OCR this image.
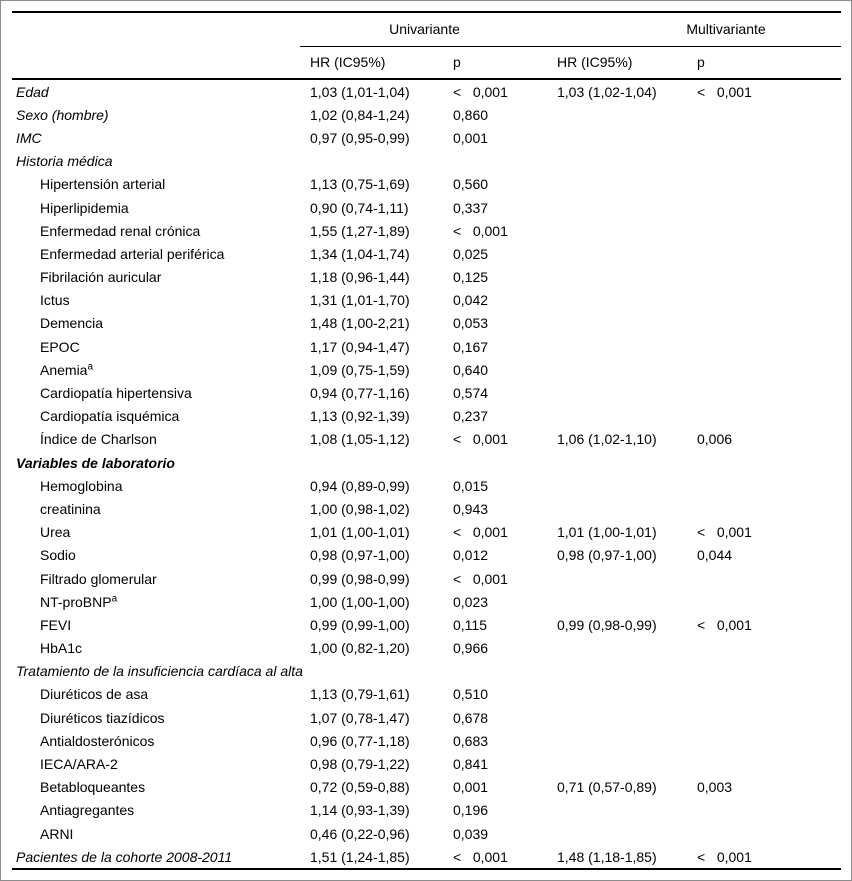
Univariante	Multivariante
HR (IC95%)	p	HR (IC95%)	p
Edad	1,03 (1,01-1,04)	<   0,001	1,03 (1,02-1,04)	<   0,001
Sexo (hombre)	1,02 (0,84-1,24)	0,860
IMC	0,97 (0,95-0,99)	0,001
Historia médica
Hipertensión arterial	1,13 (0,75-1,69)	0,560
Hiperlipidemia	0,90 (0,74-1,11)	0,337
Enfermedad renal crónica	1,55 (1,27-1,89)	<   0,001
Enfermedad arterial periférica	1,34 (1,04-1,74)	0,025
Fibrilación auricular	1,18 (0,96-1,44)	0,125
Ictus	1,31 (1,01-1,70)	0,042
Demencia	1,48 (1,00-2,21)	0,053
EPOC	1,17 (0,94-1,47)	0,167
Anemia$^a$	1,09 (0,75-1,59)	0,640
Cardiopatía hipertensiva	0,94 (0,77-1,16)	0,574
Cardiopatía isquémica	1,13 (0,92-1,39)	0,237
Índice de Charlson	1,08 (1,05-1,12)	<   0,001	1,06 (1,02-1,10)	0,006
Variables de laboratorio
Hemoglobina	0,94 (0,89-0,99)	0,015
creatinina	1,00 (0,98-1,02)	0,943
Urea	1,01 (1,00-1,01)	<   0,001	1,01 (1,00-1,01)	<   0,001
Sodio	0,98 (0,97-1,00)	0,012	0,98 (0,97-1,00)	0,044
Filtrado glomerular	0,99 (0,98-0,99)	<   0,001
NT-proBNP$^a$	1,00 (1,00-1,00)	0,023
FEVI	0,99 (0,99-1,00)	0,115	0,99 (0,98-0,99)	<   0,001
HbA1c	1,00 (0,82-1,20)	0,966
Tratamiento de la insuficiencia cardíaca al alta
Diuréticos de asa	1,13 (0,79-1,61)	0,510
Diuréticos tiazídicos	1,07 (0,78-1,47)	0,678
Antialdosterónicos	0,96 (0,77-1,18)	0,683
IECA/ARA-2	0,98 (0,79-1,22)	0,841
Betabloqueantes	0,72 (0,59-0,88)	0,001	0,71 (0,57-0,89)	0,003
Antiagregantes	1,14 (0,93-1,39)	0,196
ARNI	0,46 (0,22-0,96)	0,039
Pacientes de la cohorte 2008-2011	1,51 (1,24-1,85)	<   0,001	1,48 (1,18-1,85)	<   0,001
